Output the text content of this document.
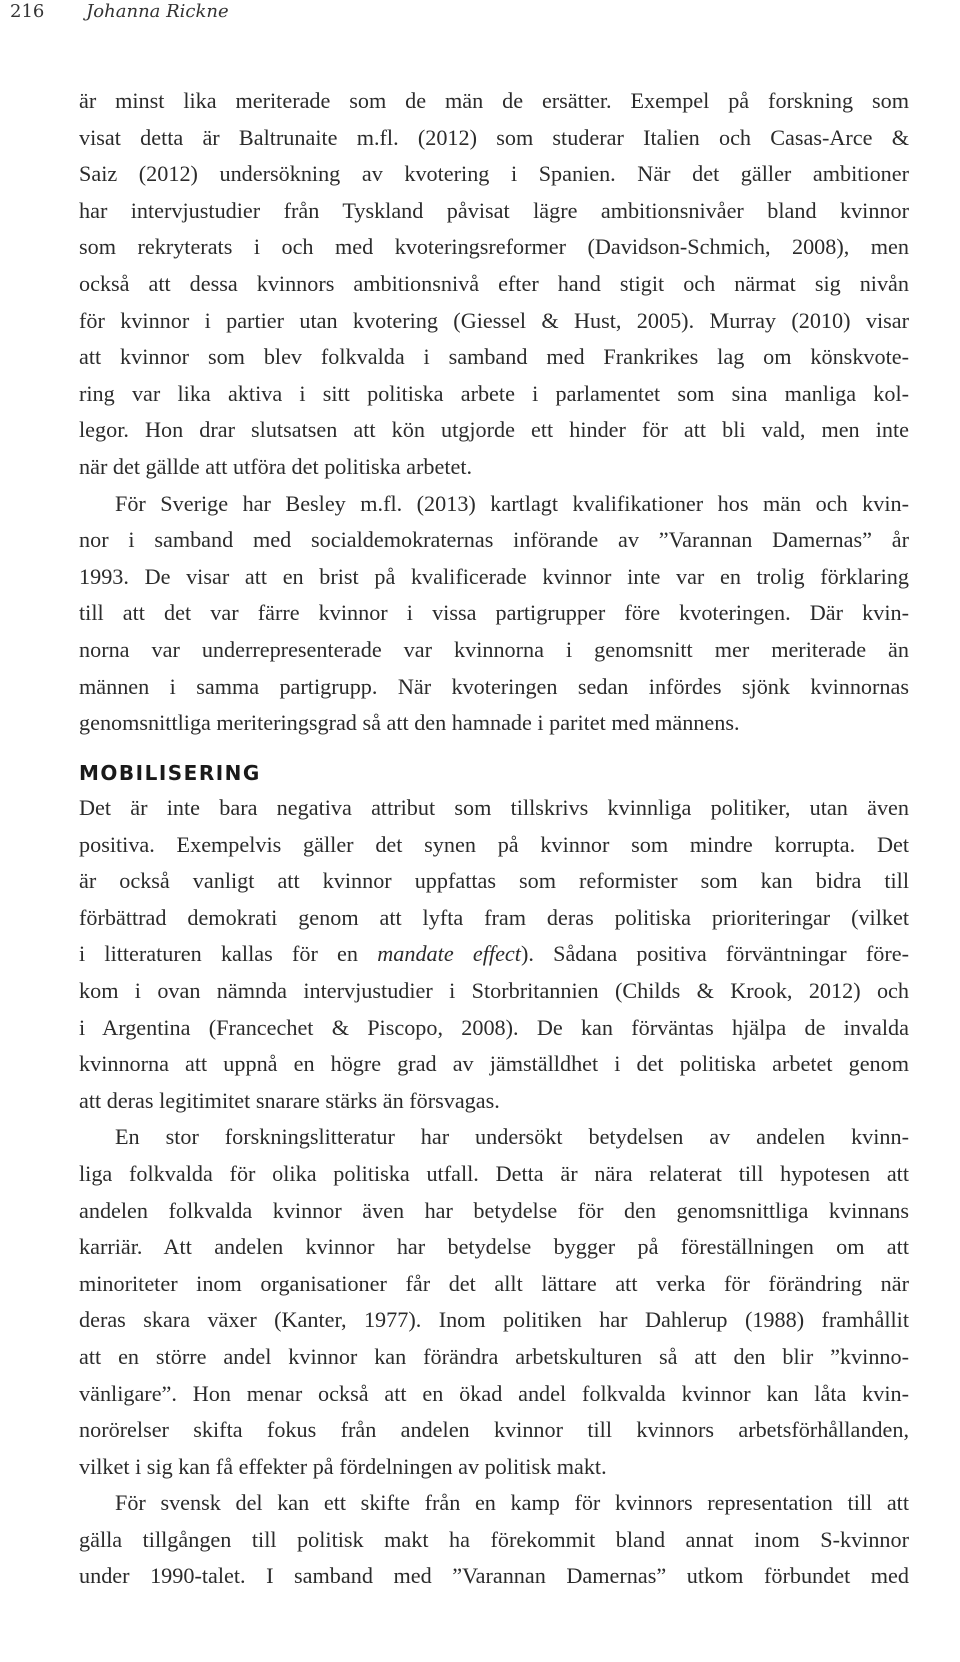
216 Johanna Rickne
är minst lika meriterade som de män de ersätter. Exempel på forskning som
visat detta är Baltrunaite m.fl. (2012) som studerar Italien och Casas-Arce &
Saiz (2012) undersökning av kvotering i Spanien. När det gäller ambitioner
har intervjustudier från Tyskland påvisat lägre ambitionsnivåer bland kvinnor
som rekryterats i och med kvoteringsreformer (Davidson-Schmich, 2008), men
också att dessa kvinnors ambitionsnivå efter hand stigit och närmat sig nivån
för kvinnor i partier utan kvotering (Giessel & Hust, 2005). Murray (2010) visar
att kvinnor som blev folkvalda i samband med Frankrikes lag om könskvote-
ring var lika aktiva i sitt politiska arbete i parlamentet som sina manliga kol-
legor. Hon drar slutsatsen att kön utgjorde ett hinder för att bli vald, men inte
när det gällde att utföra det politiska arbetet.
För Sverige har Besley m.fl. (2013) kartlagt kvalifikationer hos män och kvin-
nor i samband med socialdemokraternas införande av ”Varannan Damernas” år
1993. De visar att en brist på kvalificerade kvinnor inte var en trolig förklaring
till att det var färre kvinnor i vissa partigrupper före kvoteringen. Där kvin-
norna var underrepresenterade var kvinnorna i genomsnitt mer meriterade än
männen i samma partigrupp. När kvoteringen sedan infördes sjönk kvinnornas
genomsnittliga meriteringsgrad så att den hamnade i paritet med männens.
MOBILISERING
Det är inte bara negativa attribut som tillskrivs kvinnliga politiker, utan även
positiva. Exempelvis gäller det synen på kvinnor som mindre korrupta. Det
är också vanligt att kvinnor uppfattas som reformister som kan bidra till
förbättrad demokrati genom att lyfta fram deras politiska prioriteringar (vilket
i litteraturen kallas för en mandate effect). Sådana positiva förväntningar före-
kom i ovan nämnda intervjustudier i Storbritannien (Childs & Krook, 2012) och
i Argentina (Francechet & Piscopo, 2008). De kan förväntas hjälpa de invalda
kvinnorna att uppnå en högre grad av jämställdhet i det politiska arbetet genom
att deras legitimitet snarare stärks än försvagas.
En stor forskningslitteratur har undersökt betydelsen av andelen kvinn-
liga folkvalda för olika politiska utfall. Detta är nära relaterat till hypotesen att
andelen folkvalda kvinnor även har betydelse för den genomsnittliga kvinnans
karriär. Att andelen kvinnor har betydelse bygger på föreställningen om att
minoriteter inom organisationer får det allt lättare att verka för förändring när
deras skara växer (Kanter, 1977). Inom politiken har Dahlerup (1988) framhållit
att en större andel kvinnor kan förändra arbetskulturen så att den blir ”kvinno-
vänligare”. Hon menar också att en ökad andel folkvalda kvinnor kan låta kvin-
norörelser skifta fokus från andelen kvinnor till kvinnors arbetsförhållanden,
vilket i sig kan få effekter på fördelningen av politisk makt.
För svensk del kan ett skifte från en kamp för kvinnors representation till att
gälla tillgången till politisk makt ha förekommit bland annat inom S-kvinnor
under 1990-talet. I samband med ”Varannan Damernas” utkom förbundet med
